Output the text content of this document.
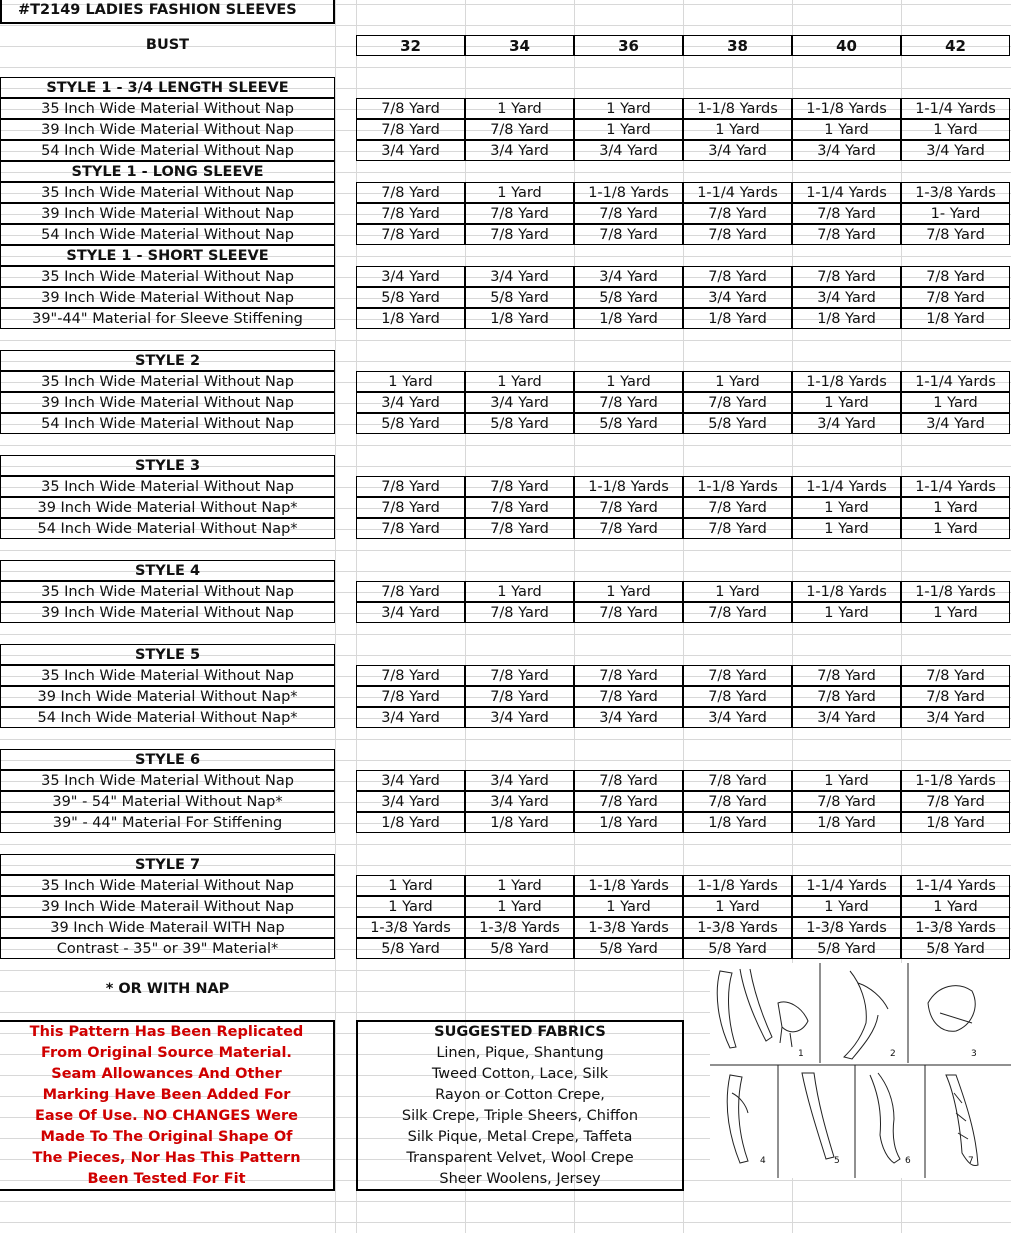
#T2149 LADIES FASHION SLEEVES
BUST	32	34	36	38	40	42
STYLE 1 - 3/4 LENGTH SLEEVE
35 Inch Wide Material Without Nap	7/8 Yard	1 Yard	1 Yard	1-1/8 Yards	1-1/8 Yards	1-1/4 Yards
39 Inch Wide Material Without Nap	7/8 Yard	7/8 Yard	1 Yard	1 Yard	1 Yard	1 Yard
54 Inch Wide Material Without Nap	3/4 Yard	3/4 Yard	3/4 Yard	3/4 Yard	3/4 Yard	3/4 Yard
STYLE 1 - LONG SLEEVE
35 Inch Wide Material Without Nap	7/8 Yard	1 Yard	1-1/8 Yards	1-1/4 Yards	1-1/4 Yards	1-3/8 Yards
39 Inch Wide Material Without Nap	7/8 Yard	7/8 Yard	7/8 Yard	7/8 Yard	7/8 Yard	1- Yard
54 Inch Wide Material Without Nap	7/8 Yard	7/8 Yard	7/8 Yard	7/8 Yard	7/8 Yard	7/8 Yard
STYLE 1 - SHORT SLEEVE
35 Inch Wide Material Without Nap	3/4 Yard	3/4 Yard	3/4 Yard	7/8 Yard	7/8 Yard	7/8 Yard
39 Inch Wide Material Without Nap	5/8 Yard	5/8 Yard	5/8 Yard	3/4 Yard	3/4 Yard	7/8 Yard
39"-44" Material for Sleeve Stiffening	1/8 Yard	1/8 Yard	1/8 Yard	1/8 Yard	1/8 Yard	1/8 Yard
STYLE 2
35 Inch Wide Material Without Nap	1 Yard	1 Yard	1 Yard	1 Yard	1-1/8 Yards	1-1/4 Yards
39 Inch Wide Material Without Nap	3/4 Yard	3/4 Yard	7/8 Yard	7/8 Yard	1 Yard	1 Yard
54 Inch Wide Material Without Nap	5/8 Yard	5/8 Yard	5/8 Yard	5/8 Yard	3/4 Yard	3/4 Yard
STYLE 3
35 Inch Wide Material Without Nap	7/8 Yard	7/8 Yard	1-1/8 Yards	1-1/8 Yards	1-1/4 Yards	1-1/4 Yards
39 Inch Wide Material Without Nap*	7/8 Yard	7/8 Yard	7/8 Yard	7/8 Yard	1 Yard	1 Yard
54 Inch Wide Material Without Nap*	7/8 Yard	7/8 Yard	7/8 Yard	7/8 Yard	1 Yard	1 Yard
STYLE 4
35 Inch Wide Material Without Nap	7/8 Yard	1 Yard	1 Yard	1 Yard	1-1/8 Yards	1-1/8 Yards
39 Inch Wide Material Without Nap	3/4 Yard	7/8 Yard	7/8 Yard	7/8 Yard	1 Yard	1 Yard
STYLE 5
35 Inch Wide Material Without Nap	7/8 Yard	7/8 Yard	7/8 Yard	7/8 Yard	7/8 Yard	7/8 Yard
39 Inch Wide Material Without Nap*	7/8 Yard	7/8 Yard	7/8 Yard	7/8 Yard	7/8 Yard	7/8 Yard
54 Inch Wide Material Without Nap*	3/4 Yard	3/4 Yard	3/4 Yard	3/4 Yard	3/4 Yard	3/4 Yard
STYLE 6
35 Inch Wide Material Without Nap	3/4 Yard	3/4 Yard	7/8 Yard	7/8 Yard	1 Yard	1-1/8 Yards
39" - 54" Material Without Nap*	3/4 Yard	3/4 Yard	7/8 Yard	7/8 Yard	7/8 Yard	7/8 Yard
39" - 44" Material For Stiffening	1/8 Yard	1/8 Yard	1/8 Yard	1/8 Yard	1/8 Yard	1/8 Yard
STYLE 7
35 Inch Wide Material Without Nap	1 Yard	1 Yard	1-1/8 Yards	1-1/8 Yards	1-1/4 Yards	1-1/4 Yards
39 Inch Wide Materail Without Nap	1 Yard	1 Yard	1 Yard	1 Yard	1 Yard	1 Yard
39 Inch Wide Materail WITH Nap	1-3/8 Yards	1-3/8 Yards	1-3/8 Yards	1-3/8 Yards	1-3/8 Yards	1-3/8 Yards
Contrast - 35" or 39" Material*	5/8 Yard	5/8 Yard	5/8 Yard	5/8 Yard	5/8 Yard	5/8 Yard
* OR WITH NAP
This Pattern Has Been Replicated
From Original Source Material.
Seam Allowances And Other
Marking Have Been Added For
Ease Of Use. NO CHANGES Were
Made To The Original Shape Of
The Pieces, Nor Has This Pattern
Been Tested For Fit
SUGGESTED FABRICS
Linen, Pique, Shantung
Tweed Cotton, Lace, Silk
Rayon or Cotton Crepe,
Silk Crepe, Triple Sheers, Chiffon
Silk Pique, Metal Crepe, Taffeta
Transparent Velvet, Wool Crepe
Sheer Woolens, Jersey
1	2	3
4	5	6	7
